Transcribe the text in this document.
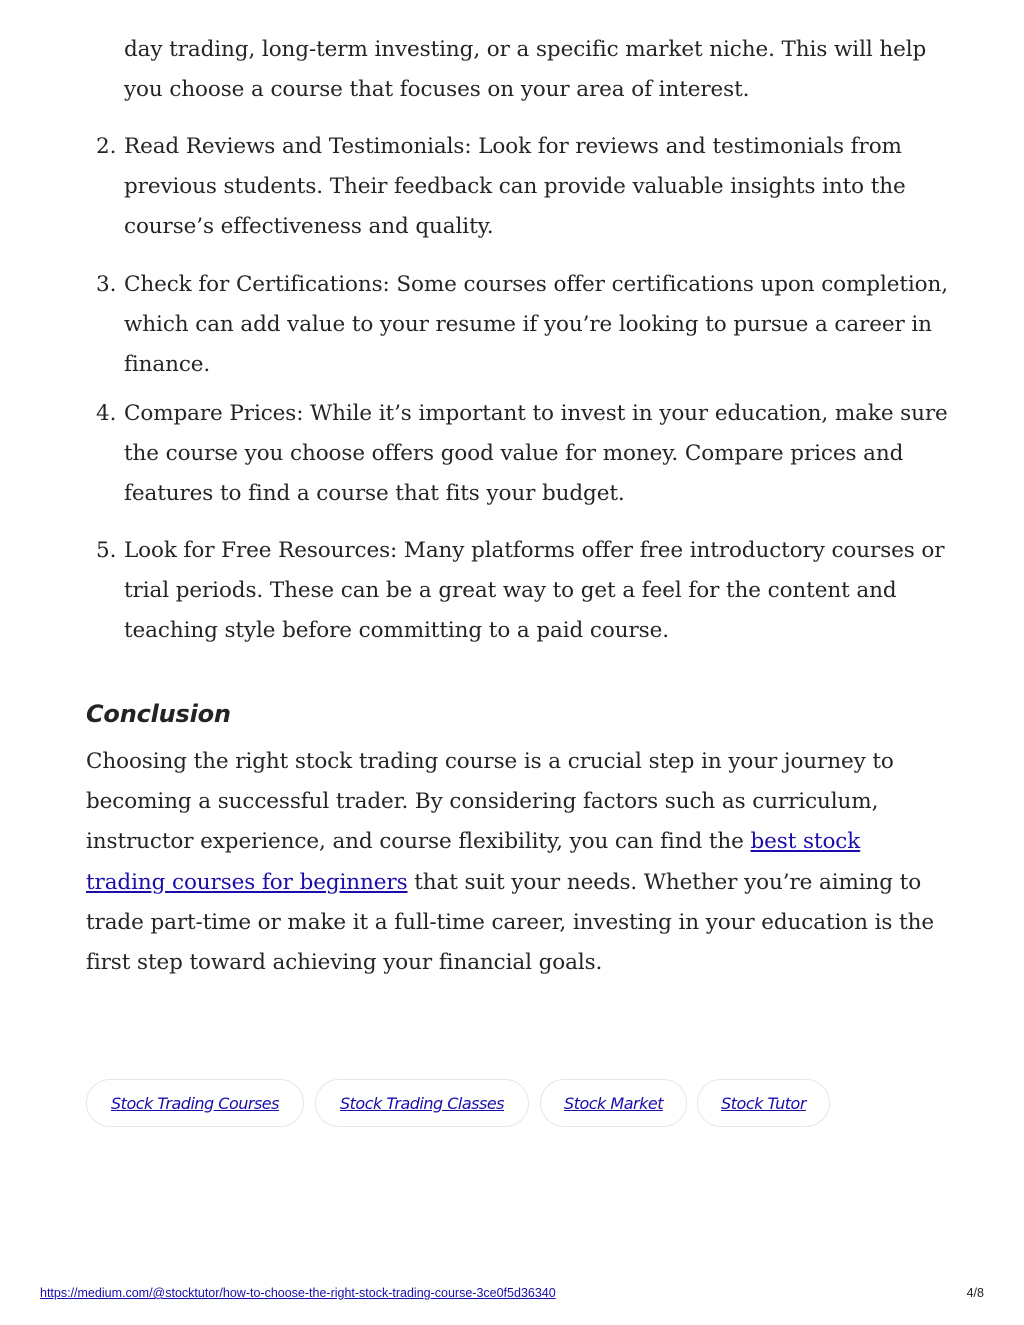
day trading, long-term investing, or a specific market niche. This will help you choose a course that focuses on your area of interest.
2. Read Reviews and Testimonials: Look for reviews and testimonials from previous students. Their feedback can provide valuable insights into the course’s effectiveness and quality.
3. Check for Certifications: Some courses offer certifications upon completion, which can add value to your resume if you’re looking to pursue a career in finance.
4. Compare Prices: While it’s important to invest in your education, make sure the course you choose offers good value for money. Compare prices and features to find a course that fits your budget.
5. Look for Free Resources: Many platforms offer free introductory courses or trial periods. These can be a great way to get a feel for the content and teaching style before committing to a paid course.
Conclusion
Choosing the right stock trading course is a crucial step in your journey to becoming a successful trader. By considering factors such as curriculum, instructor experience, and course flexibility, you can find the best stock trading courses for beginners that suit your needs. Whether you’re aiming to trade part-time or make it a full-time career, investing in your education is the first step toward achieving your financial goals.
Stock Trading Courses	Stock Trading Classes	Stock Market	Stock Tutor
https://medium.com/@stocktutor/how-to-choose-the-right-stock-trading-course-3ce0f5d36340	4/8
